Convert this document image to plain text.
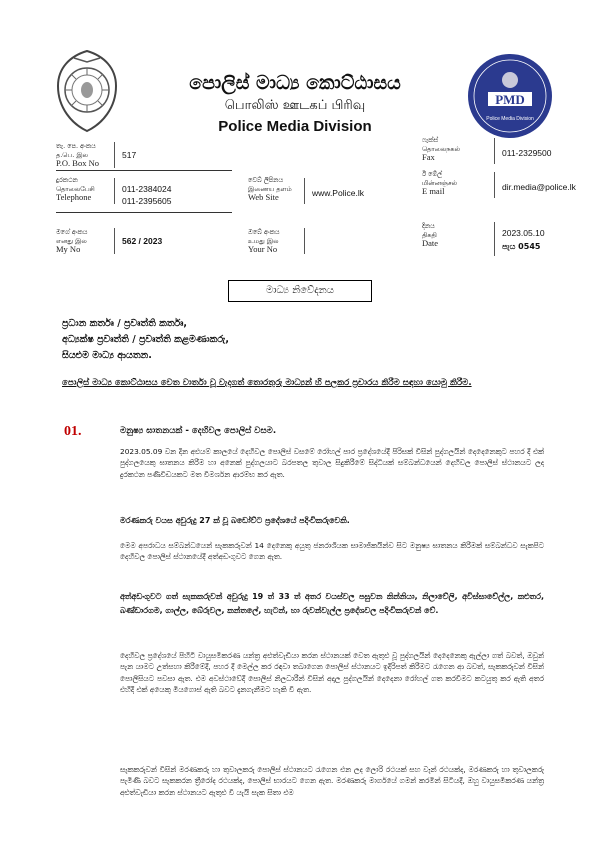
පොලිස් මාධ්‍ය කොට්ඨාසය
பொலிஸ் ஊடகப் பிரிவு
Police Media Division
PMD
Police Media Division
තැ. පෙ. අංකය
த.பெ. இல
P.O. Box No
517
ෆැක්ස්
தொலைநகல்
Fax	011-2329500
දුරකථන
தொலைபேசி
Telephone
011-2384024
011-2395605
වෙබ් ලිපිනය
இணைய தளம்
Web Site	www.Police.lk
ඊ මේල්
மின்னஞ்சல்
E mail	dir.media@police.lk
මගේ අංකය
எனது இல
My No
562 / 2023
ඔබේ අංකය
உமது இல
Your No
දිනය
திகதி
Date
2023.05.10
පැය 0545
මාධ්‍ය නිවේදනය
ප්‍රධාන කර්තෘ / ප්‍රවෘත්ති කර්තෘ,
අධ්‍යක්ෂ ප්‍රවෘත්ති / ප්‍රවෘත්ති කළමණාකරු,
සියළුම මාධ්‍ය ආයතන.
පොලිස් මාධ්‍ය කොට්ඨාසය වෙත වාර්තා වූ වැදගත් තොරතුරු මාධ්‍යන් හි පලකර ප්‍රචාරය කිරීම සඳහා යොමු කිරීම.
01.	මනුෂ්‍ය ඝාතනයක් - දෙහිවල පොලිස් වසම.
2023.05.09 වන දින අළුයම් කාලයේ දෙහිවල පොලිස් වසමේ රෝහල් පාර ප්‍රදේශයේදී පිරිසක් විසින් පුද්ගලයින් දෙදෙනෙකුට පහර දී එක් පුද්ගලයෙකු ඝාතනය කිරීම හා අනෙක් පුද්ගලයාට බරපතල තුවාල සිදුකිරීමේ සිද්ධියක් සම්බන්ධයෙන් දෙහිවල පොලිස් ස්ථානයට ලද දුරකථන පණිවිඩයකට මත විමර්ශන ආරම්භ කර ඇත.
මරණකරු වයස අවුරුදු 27 ක් වූ බඩෝව්ට ප්‍රදේශයේ පදිංචිකරුවෙකි.
මෙම අපරාධය සම්බන්ධයෙන් සැකකරුවන් 14 දෙනෙකු අයුතු ජනරාශියක සාමාජිකයින්ව සිට මනුෂ්‍ය ඝාතනය කිරීමක් සම්බන්ධව සැකපිට දෙහිවල පොලිස් ස්ථානයේදී අත්අඩංගුවට ගෙන ඇත.
අත්අඩංගුවට ගත් සැකකරුවන් අවුරුදු 19 ත් 33 ත් අතර වයස්වල පසුවන කින්නියා, නිලාවේලි, අවිස්සාවේල්ල, කළුතර, බණ්ඩාරගම, ගාල්ල, බේරුවල, කන්තලේ, හැටන්, හා රුවන්වැල්ල ප්‍රදේශවල පදිංචිකරුවන් වේ.
දෙහිවල ප්‍රදේශයේ පිහිටි වායුසමීකරණ යන්ත්‍ර අළුත්වැඩියා කරන ස්ථානයක් වෙත ඇතුළු වූ පුද්ගලයින් දෙදෙනෙකු ඇල්ලා ගත් බවත්, ඔවුන් පැන යාමට උත්සහා කිරීමේදී, පහර දී මෙල්ල කර රඳවා තබාගෙන පොලිස් ස්ථානයට ඉදිරිපත් කිරීමට රැගෙන ආ බවත්, සැකකරුවන් විසින් පොලිසියට පවසා ඇත. එම අවස්ථාවේදී පොලිස් නිලධාරීන් විසින් අදාල පුද්ගලයින් දෙදෙනා රෝහල් ගත කරවීමට කටයුතු කර ඇති අතර එහිදී එක් අයෙකු මියගොස් ඇති බවට දැනගැනීමට හැකි වී ඇත.
සැකකරුවන් විසින් මරණකරු හා තුවාලකරු පොලිස් ස්ථානයට රැගෙන එන ලද ලොරි රථයක් සහ වෑන් රථයක්ද, මරණකරු හා තුවාලකරු පැමිණි බවට සැකකරන ත්‍රීරෝද රථයක්ද, පොලිස් භාරයට ගෙන ඇත. මරණකරු මාර්ගයේ ගමන් කරමින් සිටියදී, ඔහු වායුසමීකරණ යන්ත්‍ර අළුත්වැඩියා කරන ස්ථානයට ඇතුළු වී යැයි සැක සිතා එම
